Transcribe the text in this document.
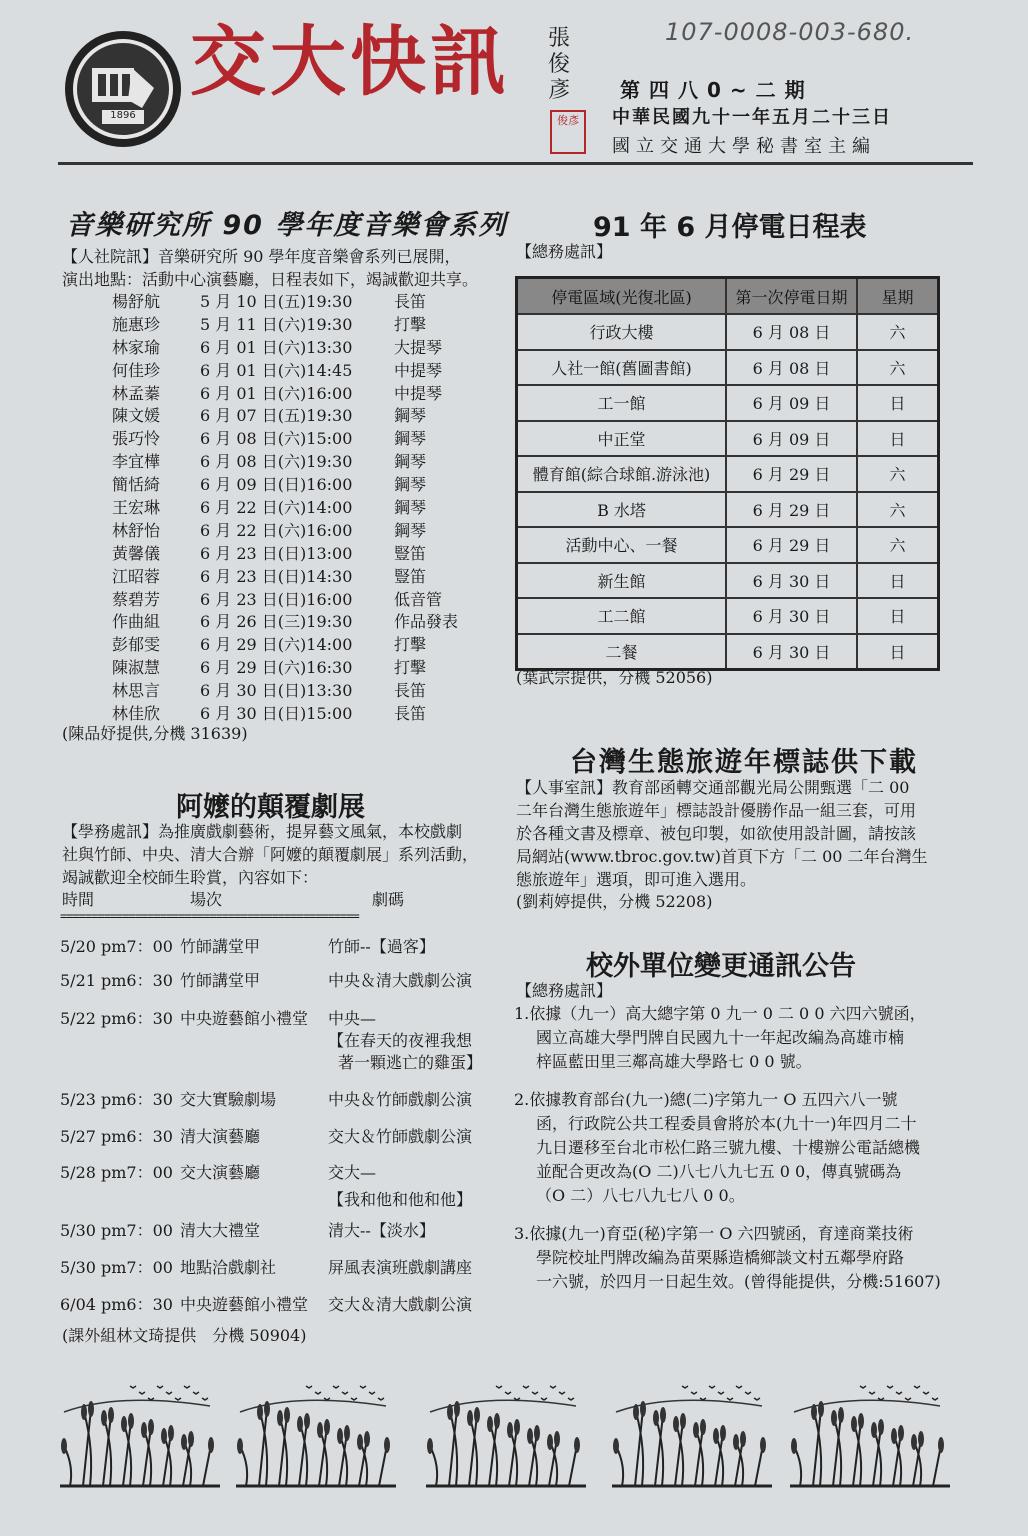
1896
交大快訊 張俊彥
俊彥
107-0008-003-680.
第四八0~二期
中華民國九十一年五月二十三日
國立交通大學秘書室主編
音樂研究所 90 學年度音樂會系列
【人社院訊】音樂研究所 90 學年度音樂會系列已展開，
演出地點：活動中心演藝廳，日程表如下，竭誠歡迎共享。
楊舒航 5 月 10 日(五)19:30	長笛
施惠珍 5 月 11 日(六)19:30	打擊
林家瑜 6 月 01 日(六)13:30	大提琴
何佳珍 6 月 01 日(六)14:45	中提琴
林孟蓁 6 月 01 日(六)16:00	中提琴
陳文媛 6 月 07 日(五)19:30	鋼琴
張巧怜 6 月 08 日(六)15:00	鋼琴
李宜樺 6 月 08 日(六)19:30	鋼琴
簡恬綺 6 月 09 日(日)16:00	鋼琴
王宏琳 6 月 22 日(六)14:00	鋼琴
林舒怡 6 月 22 日(六)16:00	鋼琴
黃馨儀 6 月 23 日(日)13:00	豎笛
江昭蓉 6 月 23 日(日)14:30	豎笛
蔡碧芳 6 月 23 日(日)16:00	低音管
作曲組 6 月 26 日(三)19:30	作品發表
彭郁雯 6 月 29 日(六)14:00	打擊
陳淑慧 6 月 29 日(六)16:30	打擊
林思言 6 月 30 日(日)13:30	長笛
林佳欣 6 月 30 日(日)15:00	長笛
(陳品妤提供,分機 31639)
91 年 6 月停電日程表
【總務處訊】
停電區域(光復北區)	第一次停電日期	星期
行政大樓	6 月 08 日	六
人社一館(舊圖書館)	6 月 08 日	六
工一館	6 月 09 日	日
中正堂	6 月 09 日	日
體育館(綜合球館.游泳池)	6 月 29 日	六
B 水塔	6 月 29 日	六
活動中心、一餐	6 月 29 日	六
新生館	6 月 30 日	日
工二館	6 月 30 日	日
二餐	6 月 30 日	日
(葉武宗提供，分機 52056)
台灣生態旅遊年標誌供下載
【人事室訊】教育部函轉交通部觀光局公開甄選「二 00
二年台灣生態旅遊年」標誌設計優勝作品一組三套，可用
於各種文書及標章、被包印製，如欲使用設計圖，請按該
局網站(www.tbroc.gov.tw)首頁下方「二 00 二年台灣生
態旅遊年」選項，即可進入選用。
(劉莉婷提供，分機 52208)
阿嬤的顛覆劇展
【學務處訊】為推廣戲劇藝術，提昇藝文風氣，本校戲劇
社與竹師、中央、清大合辦「阿嬤的顛覆劇展」系列活動，
竭誠歡迎全校師生聆賞，內容如下：
時間	場次	劇碼
================================================
5/20 pm7：00 竹師講堂甲	竹師--【過客】
5/21 pm6：30 竹師講堂甲	中央＆清大戲劇公演
5/22 pm6：30 中央遊藝館小禮堂 中央—
【在春天的夜裡我想
著一顆逃亡的雞蛋】
5/23 pm6：30 交大實驗劇場	中央＆竹師戲劇公演
5/27 pm6：30 清大演藝廳	交大＆竹師戲劇公演
5/28 pm7：00 交大演藝廳	交大—
【我和他和他和他】
5/30 pm7：00 清大大禮堂	清大--【淡水】
5/30 pm7：00 地點洽戲劇社	屏風表演班戲劇講座
6/04 pm6：30 中央遊藝館小禮堂 交大＆清大戲劇公演
(課外組林文琦提供　分機 50904)
校外單位變更通訊公告
【總務處訊】
1.依據（九一）高大總字第 0 九一 0 二 0 0 六四六號函，
國立高雄大學門牌自民國九十一年起改編為高雄市楠
梓區藍田里三鄰高雄大學路七 0 0 號。
2.依據教育部台(九一)總(二)字第九一 O 五四六八一號
函，行政院公共工程委員會將於本(九十一)年四月二十
九日遷移至台北市松仁路三號九樓、十樓辦公電話總機
並配合更改為(O 二)八七八九七五 0 0，傳真號碼為
（O 二）八七八九七八 0 0。
3.依據(九一)育亞(秘)字第一 O 六四號函，育達商業技術
學院校址門牌改編為苗栗縣造橋鄉談文村五鄰學府路
一六號，於四月一日起生效。(曾得能提供，分機:51607)
